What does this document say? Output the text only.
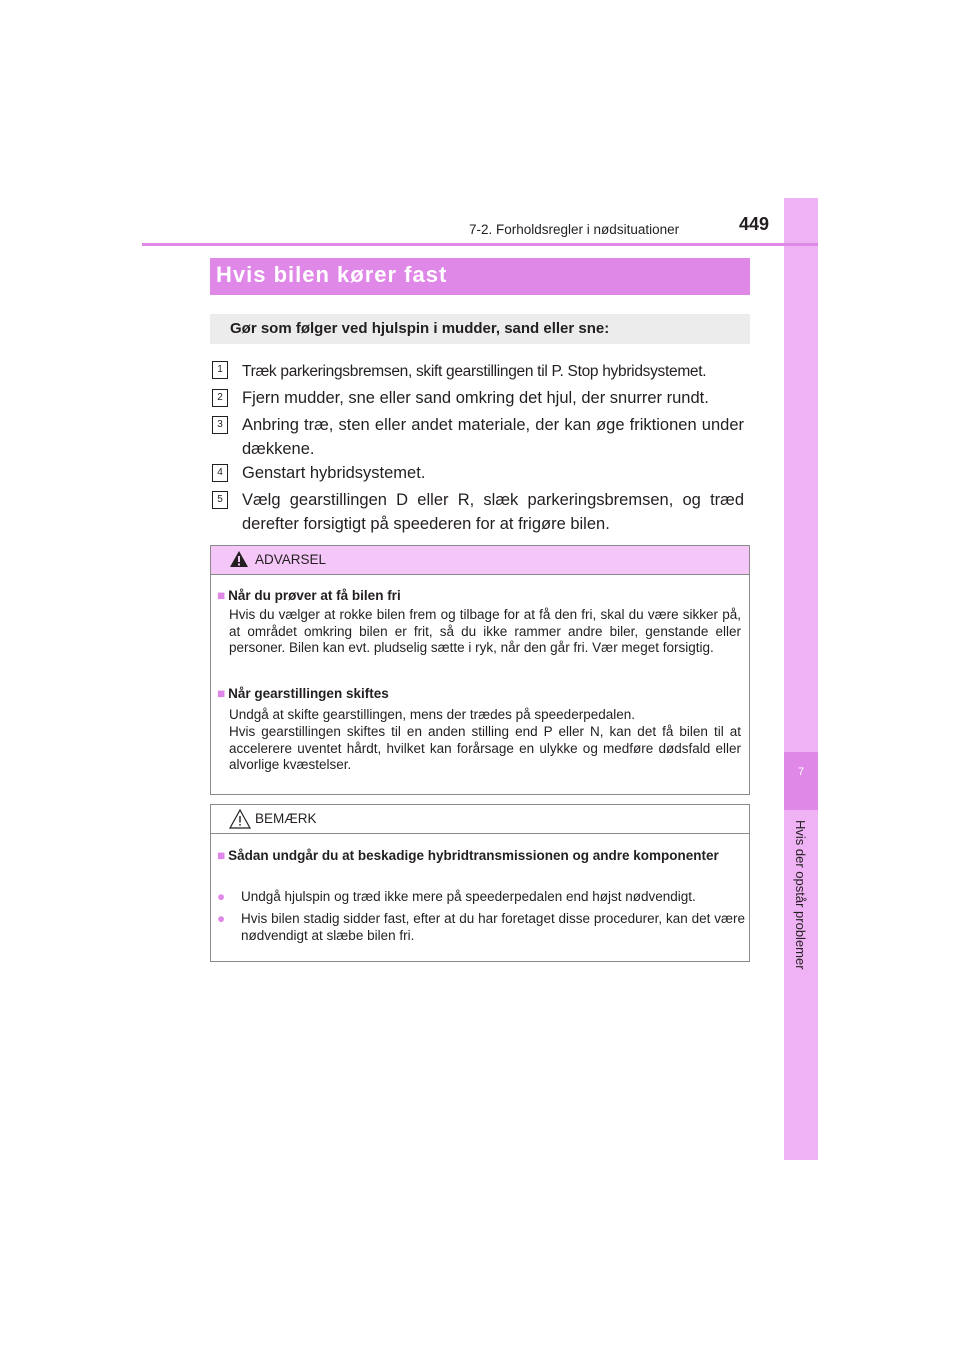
7
Hvis der opstår problemer
7-2. Forholdsregler i nødsituationer	449
Hvis bilen kører fast
Gør som følger ved hjulspin i mudder, sand eller sne:
1	Træk parkeringsbremsen, skift gearstillingen til P. Stop hybridsystemet.
2	Fjern mudder, sne eller sand omkring det hjul, der snurrer rundt.
3	Anbring træ, sten eller andet materiale, der kan øge friktionen under dækkene.
4	Genstart hybridsystemet.
5	Vælg gearstillingen D eller R, slæk parkeringsbremsen, og træd derefter forsigtigt på speederen for at frigøre bilen.
ADVARSEL
■ Når du prøver at få bilen fri
Hvis du vælger at rokke bilen frem og tilbage for at få den fri, skal du være sikker på, at området omkring bilen er frit, så du ikke rammer andre biler, genstande eller personer. Bilen kan evt. pludselig sætte i ryk, når den går fri. Vær meget forsigtig.
■ Når gearstillingen skiftes
Undgå at skifte gearstillingen, mens der trædes på speederpedalen.
Hvis gearstillingen skiftes til en anden stilling end P eller N, kan det få bilen til at accelerere uventet hårdt, hvilket kan forårsage en ulykke og medføre dødsfald eller alvorlige kvæstelser.
BEMÆRK
■ Sådan undgår du at beskadige hybridtransmissionen og andre komponenter
● Undgå hjulspin og træd ikke mere på speederpedalen end højst nødvendigt.
● Hvis bilen stadig sidder fast, efter at du har foretaget disse procedurer, kan det være nødvendigt at slæbe bilen fri.
